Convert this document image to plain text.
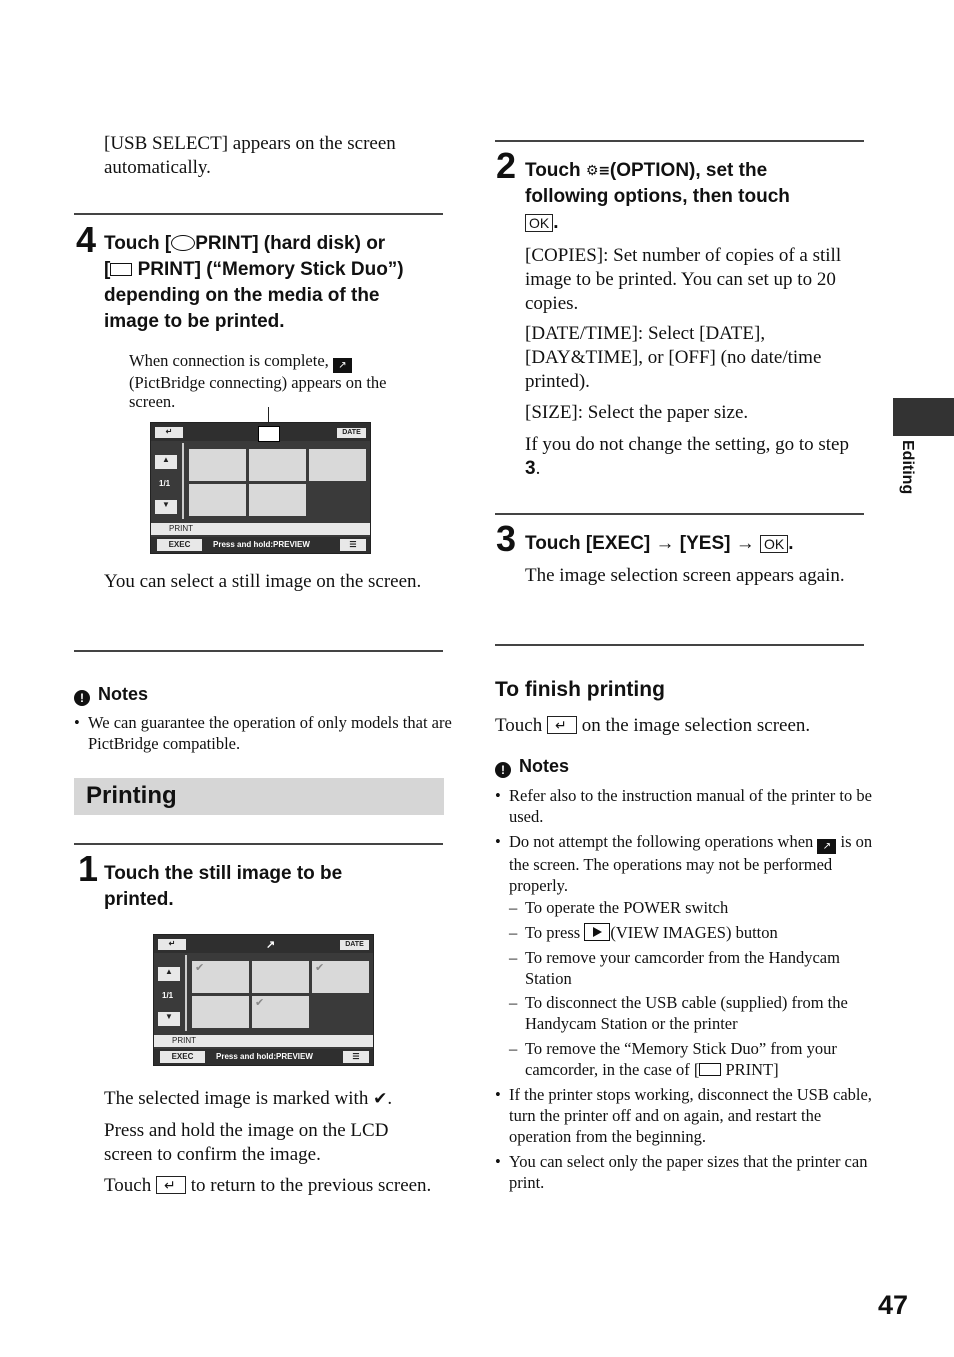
[USB SELECT] appears on the screen automatically.
4 Touch [ PRINT] (hard disk) or
[ PRINT] (“Memory Stick Duo”)
depending on the media of the
image to be printed.
When connection is complete, ↗ (PictBridge connecting) appears on the screen.
↵	DATE
▲
1/1
▼
PRINT
EXEC	Press and hold:PREVIEW	☰
You can select a still image on the screen.
! Notes
• We can guarantee the operation of only models that are PictBridge compatible.
Printing
1 Touch the still image to be printed.
↵	↗	DATE
▲
1/1
▼
✔	✔
✔
PRINT
EXEC	Press and hold:PREVIEW	☰
The selected image is marked with ✔.
Press and hold the image on the LCD screen to confirm the image.
Touch ↵ to return to the previous screen.
2 Touch ⚙≡(OPTION), set the
following options, then touch
OK .
[COPIES]: Set number of copies of a still image to be printed. You can set up to 20 copies.
[DATE/TIME]: Select [DATE], [DAY&TIME], or [OFF] (no date/time printed).
[SIZE]: Select the paper size.
If you do not change the setting, go to step 3.
3 Touch [EXEC] → [YES] → OK .
The image selection screen appears again.
To finish printing
Touch ↵ on the image selection screen.
! Notes
• Refer also to the instruction manual of the printer to be used.
• Do not attempt the following operations when ↗ is on the screen. The operations may not be performed properly.
– To operate the POWER switch
– To press (VIEW IMAGES) button
– To remove your camcorder from the Handycam Station
– To disconnect the USB cable (supplied) from the Handycam Station or the printer
– To remove the “Memory Stick Duo” from your camcorder, in the case of [ PRINT]
• If the printer stops working, disconnect the USB cable, turn the printer off and on again, and restart the operation from the beginning.
• You can select only the paper sizes that the printer can print.
Editing
47
